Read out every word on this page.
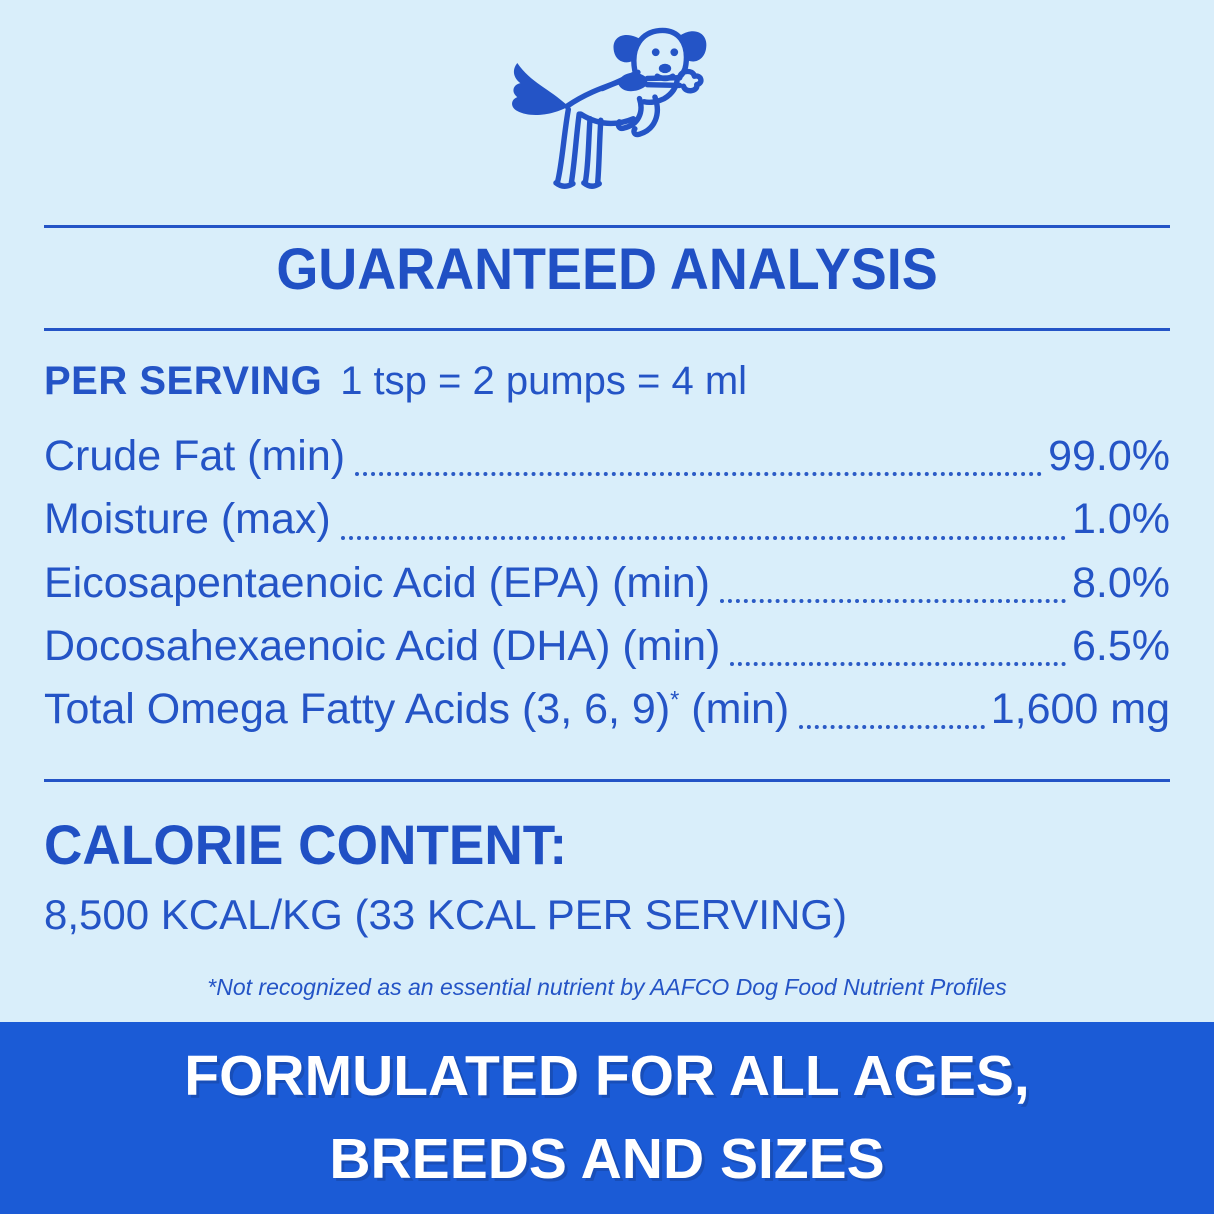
GUARANTEED ANALYSIS
PER SERVING 1 tsp = 2 pumps = 4 ml
Crude Fat (min)	99.0%
Moisture (max)	1.0%
Eicosapentaenoic Acid (EPA) (min)	8.0%
Docosahexaenoic Acid (DHA) (min)	6.5%
Total Omega Fatty Acids (3, 6, 9)* (min)	1,600 mg
CALORIE CONTENT:
8,500 KCAL/KG (33 KCAL PER SERVING)
*Not recognized as an essential nutrient by AAFCO Dog Food Nutrient Profiles
FORMULATED FOR ALL AGES,
BREEDS AND SIZES
